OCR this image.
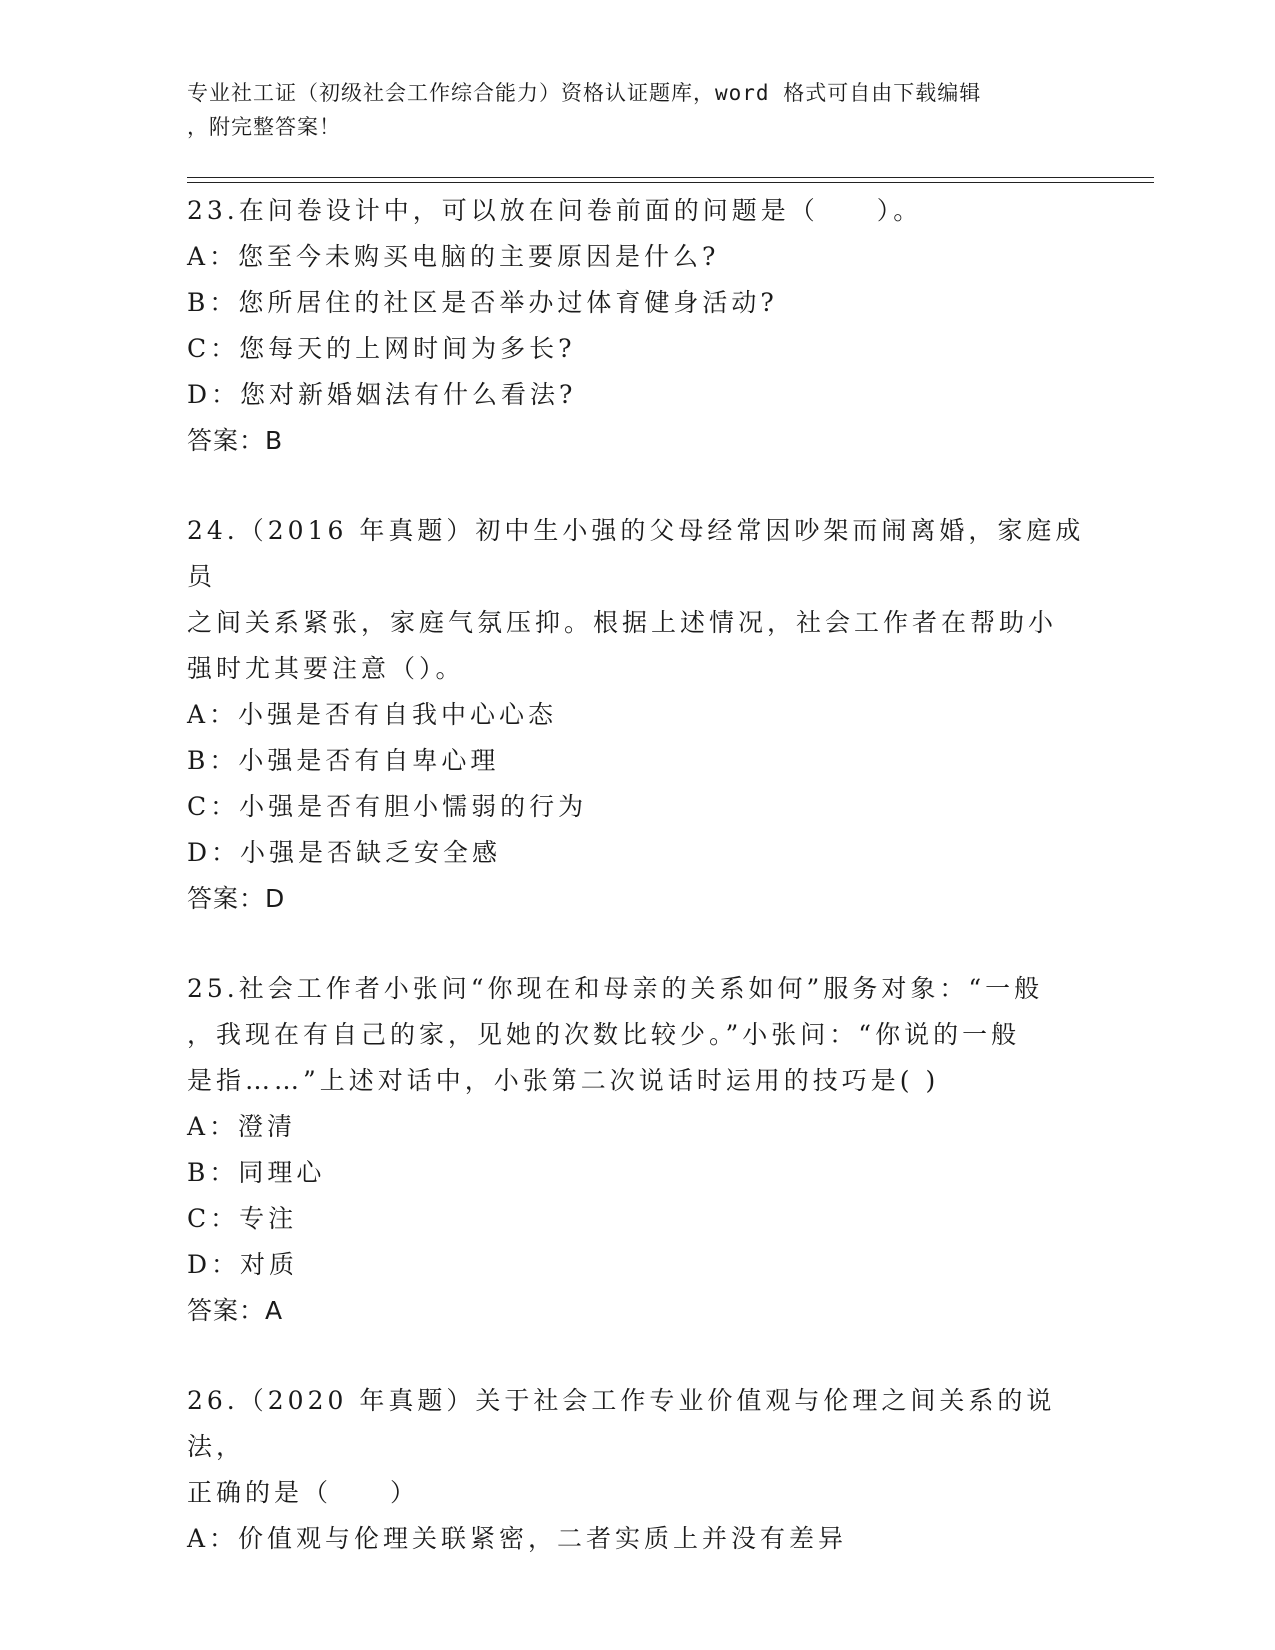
专业社工证（初级社会工作综合能力）资格认证题库，word 格式可自由下载编辑
，附完整答案！
23.在问卷设计中，可以放在问卷前面的问题是（　　）。
A：您至今未购买电脑的主要原因是什么?
B：您所居住的社区是否举办过体育健身活动?
C：您每天的上网时间为多长?
D：您对新婚姻法有什么看法?
答案：B
24.（2016 年真题）初中生小强的父母经常因吵架而闹离婚，家庭成员
之间关系紧张，家庭气氛压抑。根据上述情况，社会工作者在帮助小
强时尤其要注意（）。
A：小强是否有自我中心心态
B：小强是否有自卑心理
C：小强是否有胆小懦弱的行为
D：小强是否缺乏安全感
答案：D
25.社会工作者小张问“你现在和母亲的关系如何”服务对象：“一般
，我现在有自己的家，见她的次数比较少。”小张问：“你说的一般
是指……”上述对话中，小张第二次说话时运用的技巧是( )
A：澄清
B：同理心
C：专注
D：对质
答案：A
26.（2020 年真题）关于社会工作专业价值观与伦理之间关系的说法，
正确的是（　　）
A：价值观与伦理关联紧密，二者实质上并没有差异
